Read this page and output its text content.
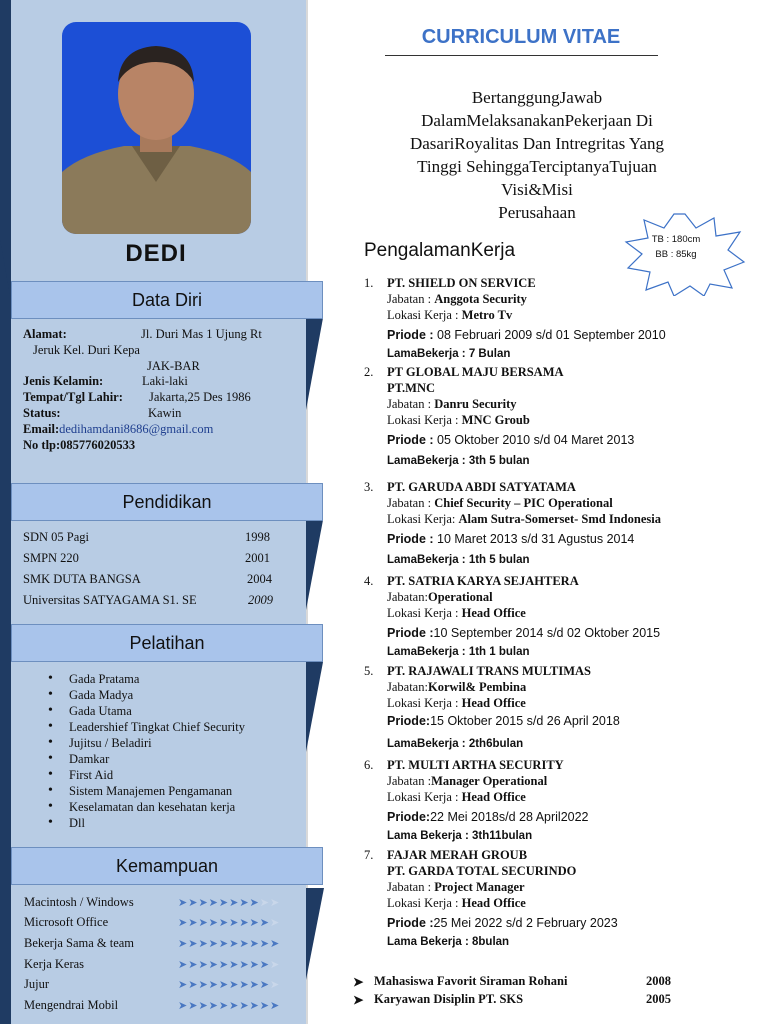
DEDI
Data Diri
Alamat:	Jl. Duri Mas 1 Ujung Rt
Jeruk Kel. Duri Kepa
JAK-BAR
Jenis Kelamin:	Laki-laki
Tempat/Tgl Lahir: Jakarta,25 Des 1986
Status:	Kawin
Email:dedihamdani8686@gmail.com
No tlp:085776020533
Pendidikan
SDN 05 Pagi	1998
SMPN 220	2001
SMK DUTA BANGSA	2004
Universitas SATYAGAMA S1. SE	2009
Pelatihan
• Gada Pratama
• Gada Madya
• Gada Utama
• Leadershief Tingkat Chief Security
• Jujitsu / Beladiri
• Damkar
• First Aid
• Sistem Manajemen Pengamanan
• Keselamatan dan kesehatan kerja
• Dll
Kemampuan
Macintosh / Windows	➤➤➤➤➤➤➤➤➤➤
Microsoft Office	➤➤➤➤➤➤➤➤➤➤
Bekerja Sama & team	➤➤➤➤➤➤➤➤➤➤
Kerja Keras	➤➤➤➤➤➤➤➤➤➤
Jujur	➤➤➤➤➤➤➤➤➤➤
Mengendrai Mobil	➤➤➤➤➤➤➤➤➤➤
CURRICULUM VITAE
BertanggungJawab
DalamMelaksanakanPekerjaan Di
DasariRoyalitas Dan Intregritas Yang
Tinggi SehinggaTerciptanyaTujuan
Visi&Misi
Perusahaan
TB : 180cm
BB : 85kg
PengalamanKerja
1. PT. SHIELD ON SERVICE
Jabatan : Anggota Security
Lokasi Kerja : Metro Tv
Priode : 08 Februari 2009 s/d 01 September 2010
LamaBekerja : 7 Bulan
2. PT GLOBAL MAJU BERSAMA
PT.MNC
Jabatan : Danru Security
Lokasi Kerja : MNC Groub
Priode : 05 Oktober 2010 s/d 04 Maret 2013
LamaBekerja : 3th 5 bulan
3. PT. GARUDA ABDI SATYATAMA
Jabatan : Chief Security – PIC Operational
Lokasi Kerja: Alam Sutra-Somerset- Smd Indonesia
Priode : 10 Maret 2013 s/d 31 Agustus 2014
LamaBekerja : 1th 5 bulan
4. PT. SATRIA KARYA SEJAHTERA
Jabatan:Operational
Lokasi Kerja : Head Office
Priode :10 September 2014 s/d 02 Oktober 2015
LamaBekerja : 1th 1 bulan
5. PT. RAJAWALI TRANS MULTIMAS
Jabatan:Korwil& Pembina
Lokasi Kerja : Head Office
Priode:15 Oktober 2015 s/d 26 April 2018
LamaBekerja : 2th6bulan
6. PT. MULTI ARTHA SECURITY
Jabatan :Manager Operational
Lokasi Kerja : Head Office
Priode:22 Mei 2018s/d 28 April2022
Lama Bekerja : 3th11bulan
7. FAJAR MERAH GROUB
PT. GARDA TOTAL SECURINDO
Jabatan : Project Manager
Lokasi Kerja : Head Office
Priode :25 Mei 2022 s/d 2 February 2023
Lama Bekerja : 8bulan
➤ Mahasiswa Favorit Siraman Rohani	2008
➤ Karyawan Disiplin PT. SKS	2005
